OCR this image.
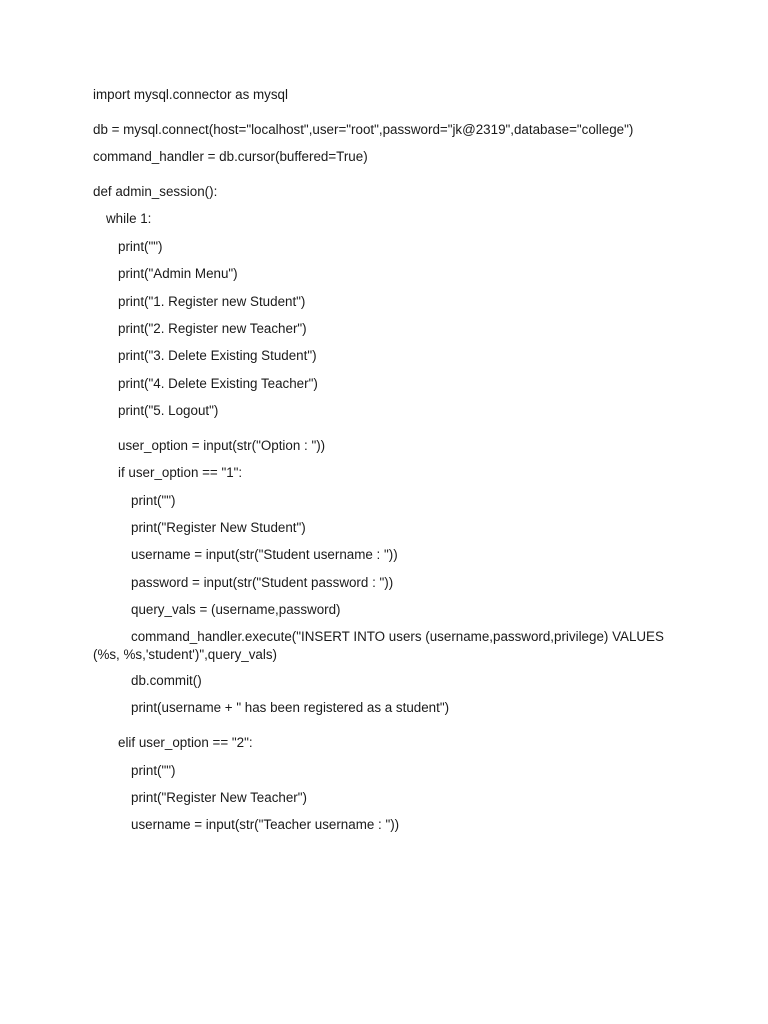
import mysql.connector as mysql

db = mysql.connect(host="localhost",user="root",password="jk@2319",database="college")

command_handler = db.cursor(buffered=True)

def admin_session():

while 1:

print("")

print("Admin Menu")

print("1. Register new Student")

print("2. Register new Teacher")

print("3. Delete Existing Student")

print("4. Delete Existing Teacher")

print("5. Logout")

user_option = input(str("Option : "))

if user_option == "1":

print("")

print("Register New Student")

username = input(str("Student username : "))

password = input(str("Student password : "))

query_vals = (username,password)

command_handler.execute("INSERT INTO users (username,password,privilege) VALUES (%s, %s,'student')",query_vals)

db.commit()

print(username + " has been registered as a student")

elif user_option == "2":

print("")

print("Register New Teacher")

username = input(str("Teacher username : "))
